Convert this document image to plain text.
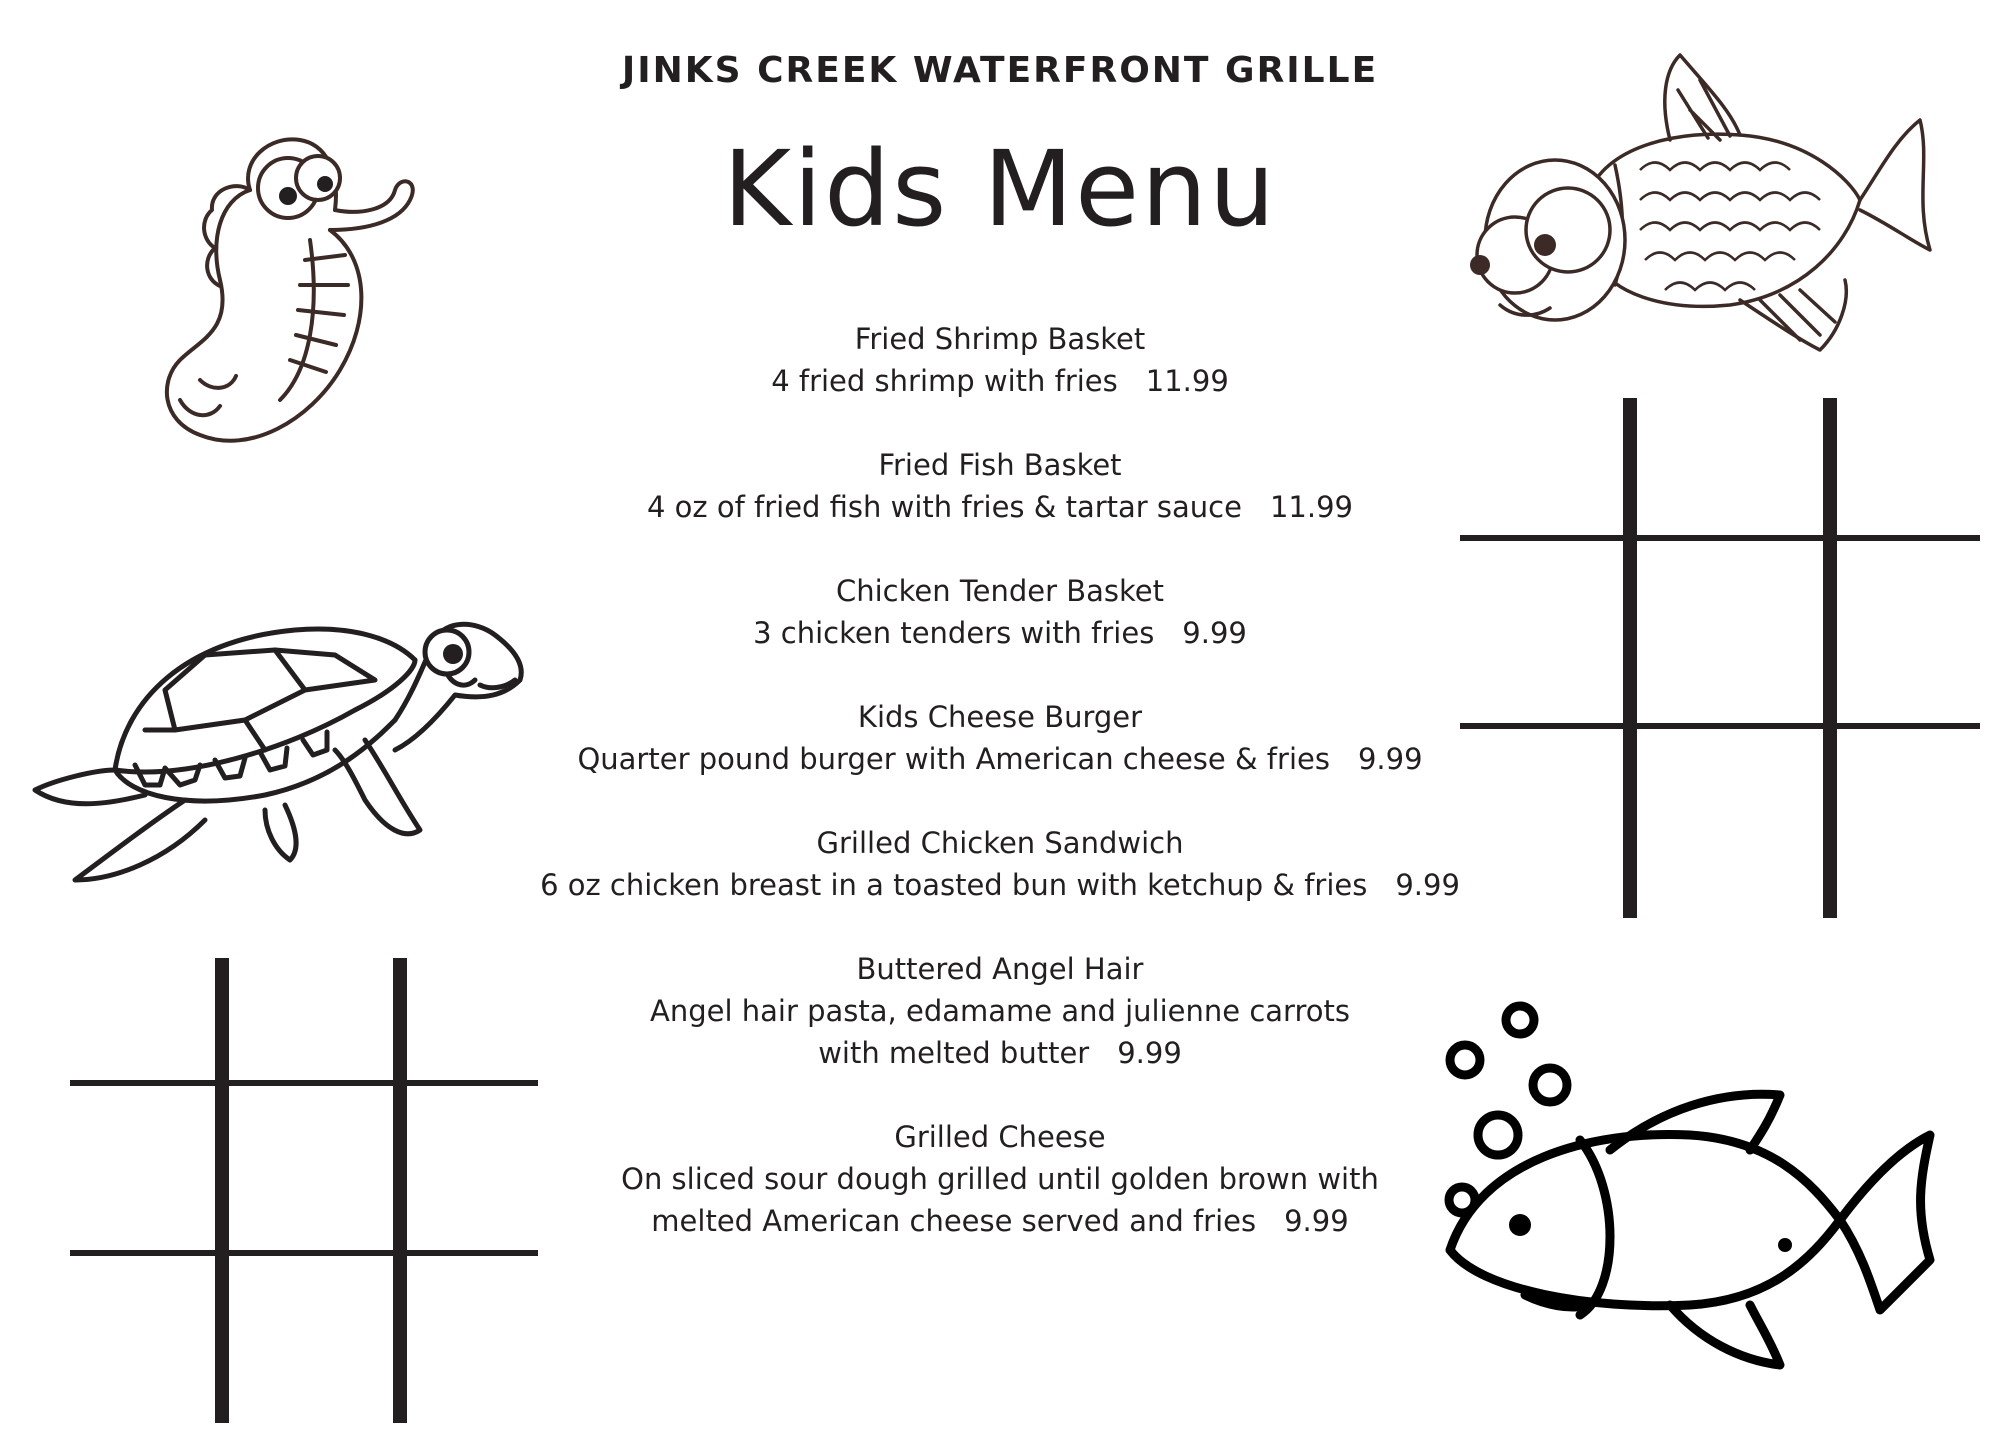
JINKS CREEK WATERFRONT GRILLE
Kids Menu
Fried Shrimp Basket
4 fried shrimp with fries 11.99
Fried Fish Basket
4 oz of fried fish with fries & tartar sauce 11.99
Chicken Tender Basket
3 chicken tenders with fries 9.99
Kids Cheese Burger
Quarter pound burger with American cheese & fries 9.99
Grilled Chicken Sandwich
6 oz chicken breast in a toasted bun with ketchup & fries 9.99
Buttered Angel Hair
Angel hair pasta, edamame and julienne carrots
with melted butter 9.99
Grilled Cheese
On sliced sour dough grilled until golden brown with
melted American cheese served and fries 9.99
